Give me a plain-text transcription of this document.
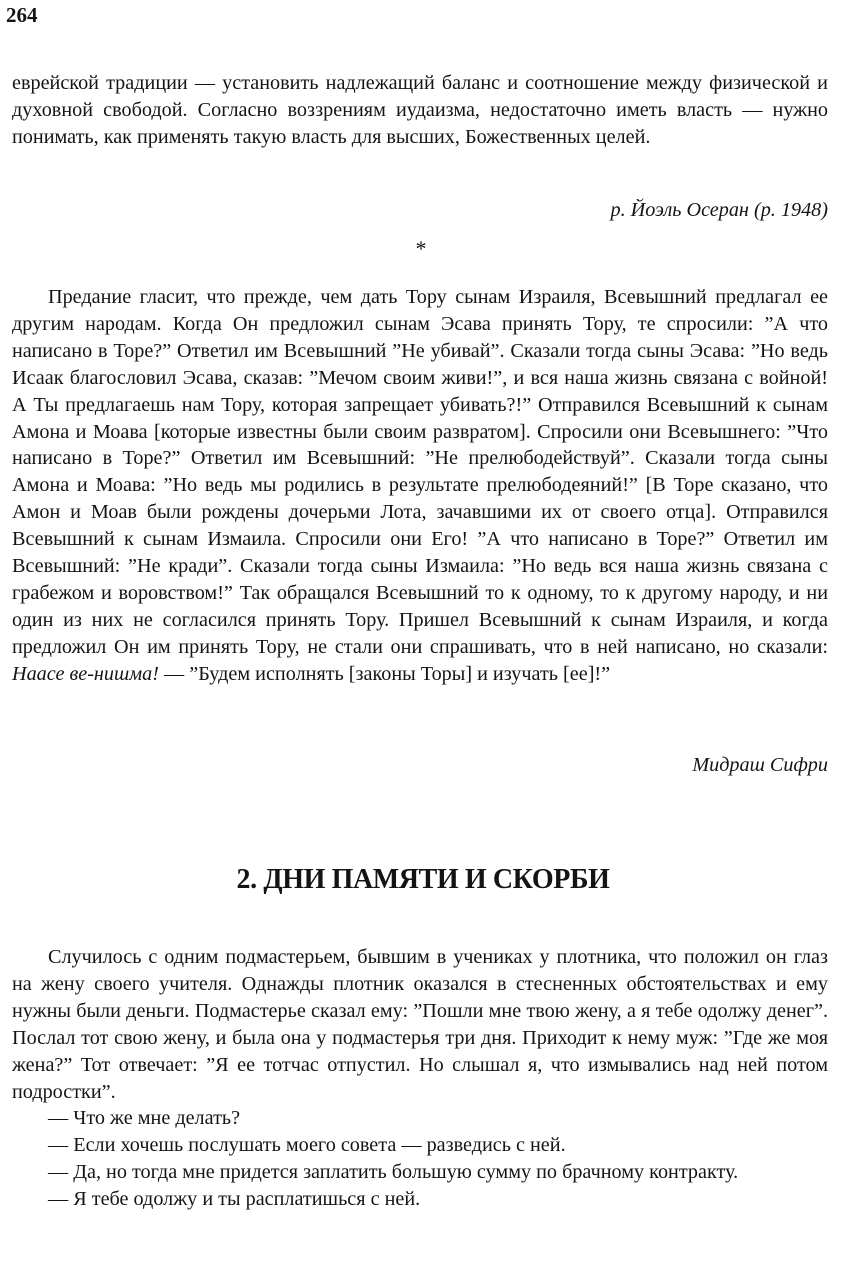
264

еврейской традиции — установить надлежащий баланс и соотношение между физической и духовной свободой. Согласно воззрениям иудаизма, недостаточно иметь власть — нужно понимать, как применять такую власть для высших, Божественных целей.

р. Йоэль Осеран (р. 1948)
*

Предание гласит, что прежде, чем дать Тору сынам Израиля, Всевышний предлагал ее другим народам. Когда Он предложил сынам Эсава принять Тору, те спросили: ”А что написано в Торе?” Ответил им Всевышний ”Не убивай”. Сказали тогда сыны Эсава: ”Но ведь Исаак благословил Эсава, сказав: ”Мечом своим живи!”, и вся наша жизнь связана с войной! А Ты предлагаешь нам Тору, которая запрещает убивать?!” Отправился Всевышний к сынам Амона и Моава [которые известны были своим развратом]. Спросили они Всевышнего: ”Что написано в Торе?” Ответил им Всевышний: ”Не прелюбодействуй”. Сказали тогда сыны Амона и Моава: ”Но ведь мы родились в результате прелюбодеяний!” [В Торе сказано, что Амон и Моав были рождены дочерьми Лота, зачавшими их от своего отца]. Отправился Всевышний к сынам Измаила. Спросили они Его! ”А что написано в Торе?” Ответил им Всевышний: ”Не кради”. Сказали тогда сыны Измаила: ”Но ведь вся наша жизнь связана с грабежом и воровством!” Так обращался Всевышний то к одному, то к другому народу, и ни один из них не согласился принять Тору. Пришел Всевышний к сынам Израиля, и когда предложил Он им принять Тору, не стали они спрашивать, что в ней написано, но сказали: Наасе ве-нишма! — ”Будем исполнять [законы Торы] и изучать [ее]!”

Мидраш Сифри
2. ДНИ ПАМЯТИ И СКОРБИ

Случилось с одним подмастерьем, бывшим в учениках у плотника, что положил он глаз на жену своего учителя. Однажды плотник оказался в стесненных обстоятельствах и ему нужны были деньги. Подмастерье сказал ему: ”Пошли мне твою жену, а я тебе одолжу денег”. Послал тот свою жену, и была она у подмастерья три дня. Приходит к нему муж: ”Где же моя жена?” Тот отвечает: ”Я ее тотчас отпустил. Но слышал я, что измывались над ней потом подростки”.

— Что же мне делать?

— Если хочешь послушать моего совета — разведись с ней.

— Да, но тогда мне придется заплатить большую сумму по брачному контракту.

— Я тебе одолжу и ты расплатишься с ней.
